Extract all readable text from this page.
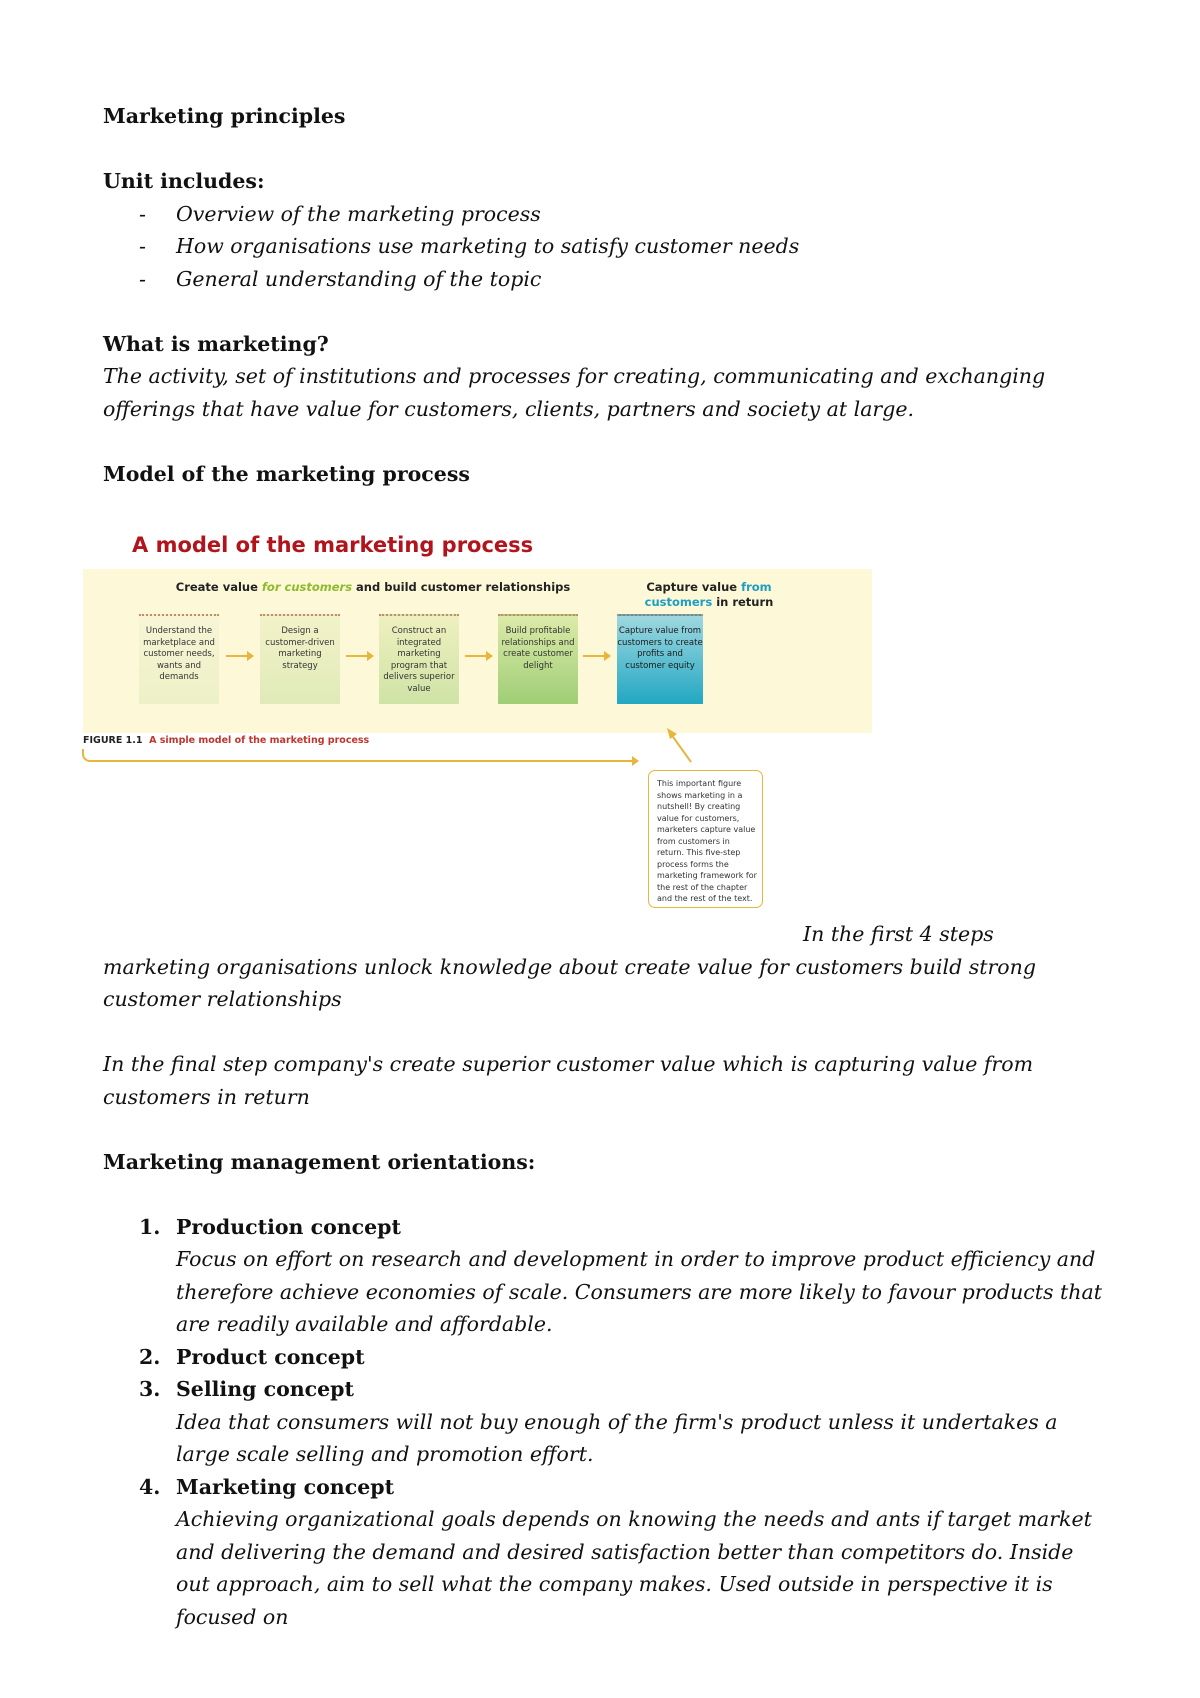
Marketing principles

Unit includes:

- Overview of the marketing process
- How organisations use marketing to satisfy customer needs
- General understanding of the topic

What is marketing?

The activity, set of institutions and processes for creating, communicating and exchanging offerings that have value for customers, clients, partners and society at large.

Model of the marketing process

A model of the marketing process
Create value for customers and build customer relationships	Capture value from customers in return
Understand the marketplace and customer needs, wants and demands
Design a customer-driven marketing strategy
Construct an integrated marketing program that delivers superior value
Build profitable relationships and create customer delight
Capture value from customers to create profits and customer equity
FIGURE 1.1 A simple model of the marketing process
This important figure shows marketing in a nutshell! By creating value for customers, marketers capture value from customers in return. This five-step process forms the marketing framework for the rest of the chapter and the rest of the text.

In the first 4 steps marketing organisations unlock knowledge about create value for customers build strong customer relationships

In the final step company's create superior customer value which is capturing value from customers in return

Marketing management orientations:

1. Production concept
Focus on effort on research and development in order to improve product efficiency and therefore achieve economies of scale. Consumers are more likely to favour products that are readily available and affordable.
2. Product concept
3. Selling concept
Idea that consumers will not buy enough of the firm's product unless it undertakes a large scale selling and promotion effort.
4. Marketing concept
Achieving organizational goals depends on knowing the needs and ants if target market and delivering the demand and desired satisfaction better than competitors do. Inside out approach, aim to sell what the company makes. Used outside in perspective it is focused on
